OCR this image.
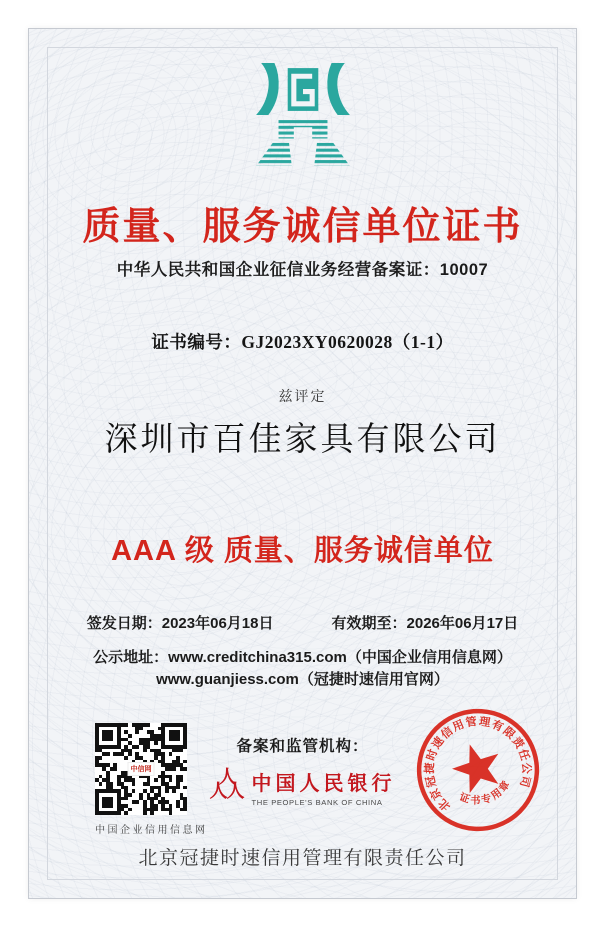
质量、服务诚信单位证书
中华人民共和国企业征信业务经营备案证：10007
证书编号：GJ2023XY0620028（1-1）
兹评定
深圳市百佳家具有限公司
AAA 级 质量、服务诚信单位
签发日期：2023年06月18日	有效期至：2026年06月17日
公示地址：www.creditchina315.com（中国企业信用信息网）
www.guanjiess.com（冠捷时速信用官网）
中信网
中国企业信用信息网
备案和监管机构：
人
人 人 中国人民银行
THE PEOPLE'S BANK OF CHINA	北京冠捷时速信用管理有限责任公司
证书专用章
北京冠捷时速信用管理有限责任公司
